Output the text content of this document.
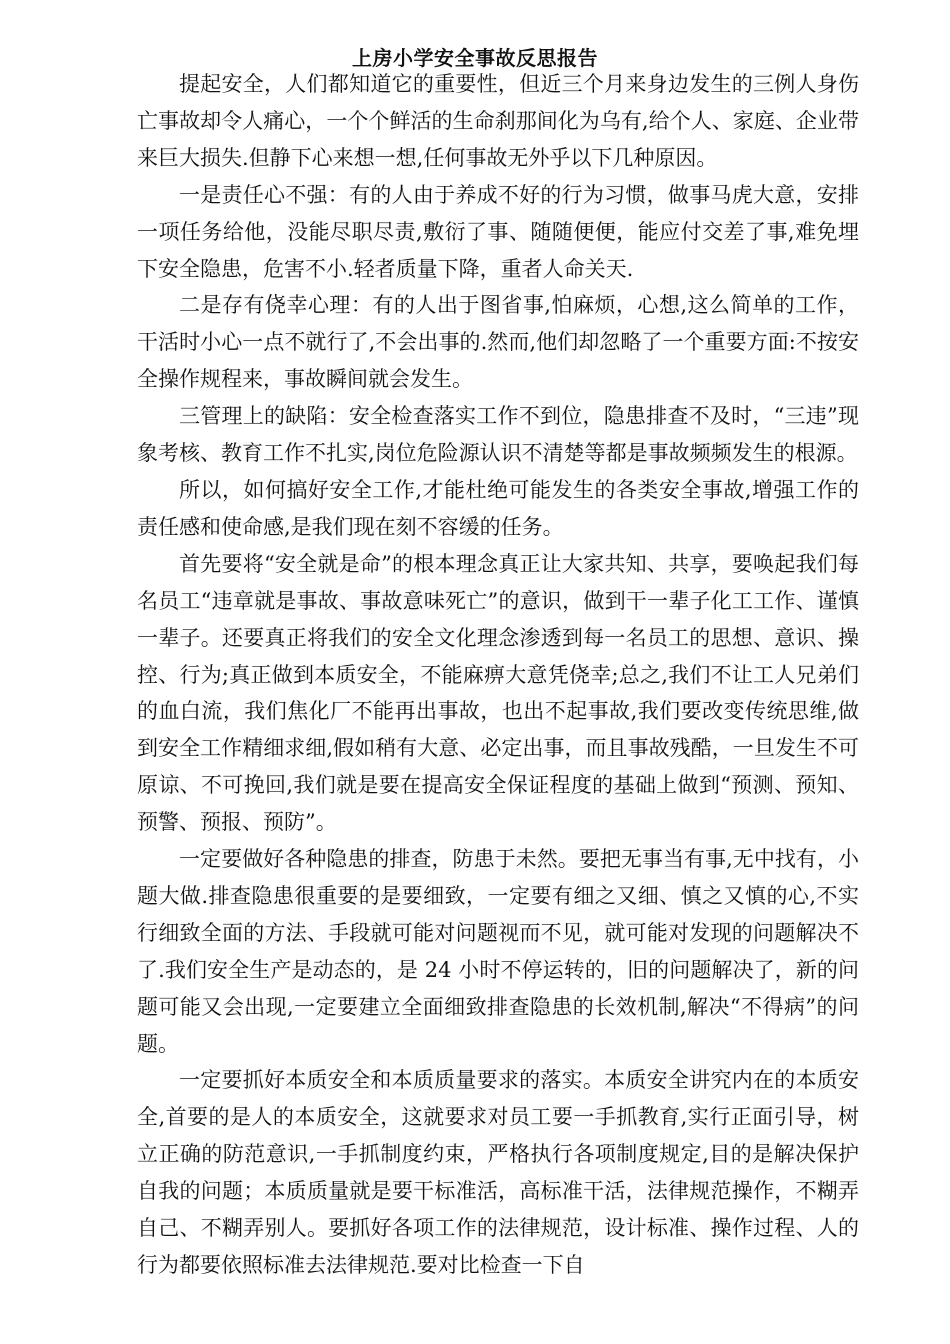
上房小学安全事故反思报告

提起安全，人们都知道它的重要性，但近三个月来身边发生的三例人身伤亡事故却令人痛心，一个个鲜活的生命刹那间化为乌有,给个人、家庭、企业带来巨大损失.但静下心来想一想,任何事故无外乎以下几种原因。

一是责任心不强：有的人由于养成不好的行为习惯，做事马虎大意，安排一项任务给他，没能尽职尽责,敷衍了事、随随便便，能应付交差了事,难免埋下安全隐患，危害不小.轻者质量下降，重者人命关天.

二是存有侥幸心理：有的人出于图省事,怕麻烦，心想,这么简单的工作，干活时小心一点不就行了,不会出事的.然而,他们却忽略了一个重要方面:不按安全操作规程来，事故瞬间就会发生。

三管理上的缺陷：安全检查落实工作不到位，隐患排查不及时，“三违”现象考核、教育工作不扎实,岗位危险源认识不清楚等都是事故频频发生的根源。

所以，如何搞好安全工作,才能杜绝可能发生的各类安全事故,增强工作的责任感和使命感,是我们现在刻不容缓的任务。

首先要将“安全就是命”的根本理念真正让大家共知、共享，要唤起我们每名员工“违章就是事故、事故意味死亡”的意识，做到干一辈子化工工作、谨慎一辈子。还要真正将我们的安全文化理念渗透到每一名员工的思想、意识、操控、行为;真正做到本质安全，不能麻痹大意凭侥幸;总之,我们不让工人兄弟们的血白流，我们焦化厂不能再出事故，也出不起事故,我们要改变传统思维,做到安全工作精细求细,假如稍有大意、必定出事，而且事故残酷，一旦发生不可原谅、不可挽回,我们就是要在提高安全保证程度的基础上做到“预测、预知、预警、预报、预防”。

一定要做好各种隐患的排查，防患于未然。要把无事当有事,无中找有，小题大做.排查隐患很重要的是要细致，一定要有细之又细、慎之又慎的心,不实行细致全面的方法、手段就可能对问题视而不见，就可能对发现的问题解决不了.我们安全生产是动态的，是 24 小时不停运转的，旧的问题解决了，新的问题可能又会出现,一定要建立全面细致排查隐患的长效机制,解决“不得病”的问题。

一定要抓好本质安全和本质质量要求的落实。本质安全讲究内在的本质安全,首要的是人的本质安全，这就要求对员工要一手抓教育,实行正面引导，树立正确的防范意识,一手抓制度约束，严格执行各项制度规定,目的是解决保护自我的问题；本质质量就是要干标准活，高标准干活，法律规范操作，不糊弄自己、不糊弄别人。要抓好各项工作的法律规范，设计标准、操作过程、人的行为都要依照标准去法律规范.要对比检查一下自
